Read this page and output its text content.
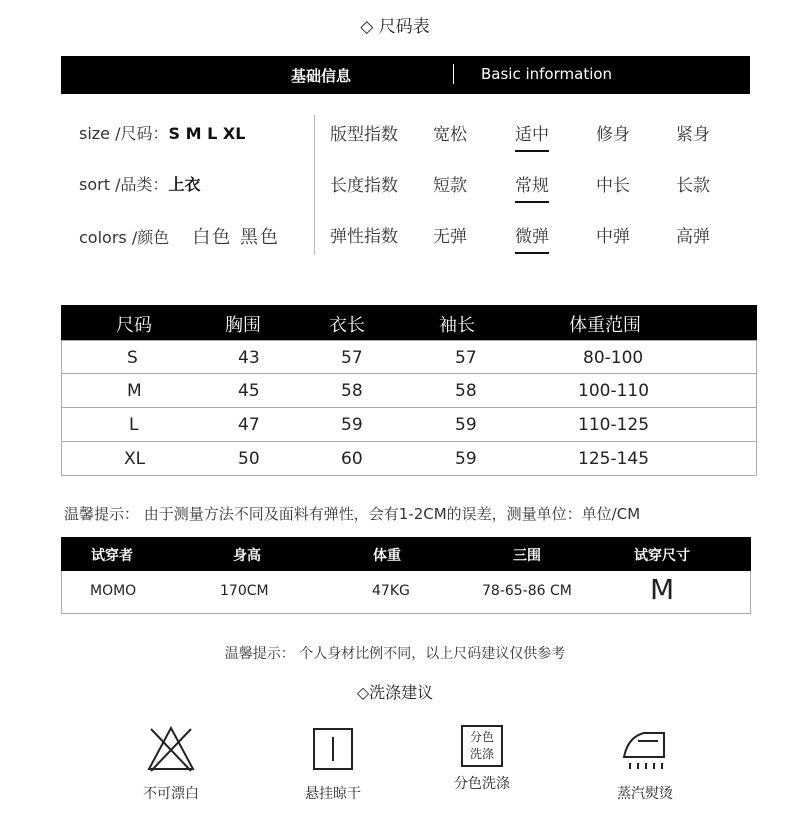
◇ 尺码表
基础信息	Basic information
size /尺码：S M L XL
sort /品类：上衣
colors /颜色 白色 黑色
版型指数 宽松	适中	修身	紧身
长度指数 短款	常规	中长	长款
弹性指数 无弹	微弹	中弹	高弹
尺码	胸围	衣长	袖长	体重范围
S	43	57	57	80-100
M	45	58	58	100-110
L	47	59	59	110-125
XL	50	60	59	125-145
温馨提示： 由于测量方法不同及面料有弹性，会有1-2CM的误差，测量单位：单位/CM
试穿者	身高	体重	三围	试穿尺寸
MOMO	170CM	47KG	78-65-86 CM	M
温馨提示： 个人身材比例不同，以上尺码建议仅供参考
◇洗涤建议
不可漂白	悬挂晾干
分色
洗涤
分色洗涤
蒸汽熨烫
